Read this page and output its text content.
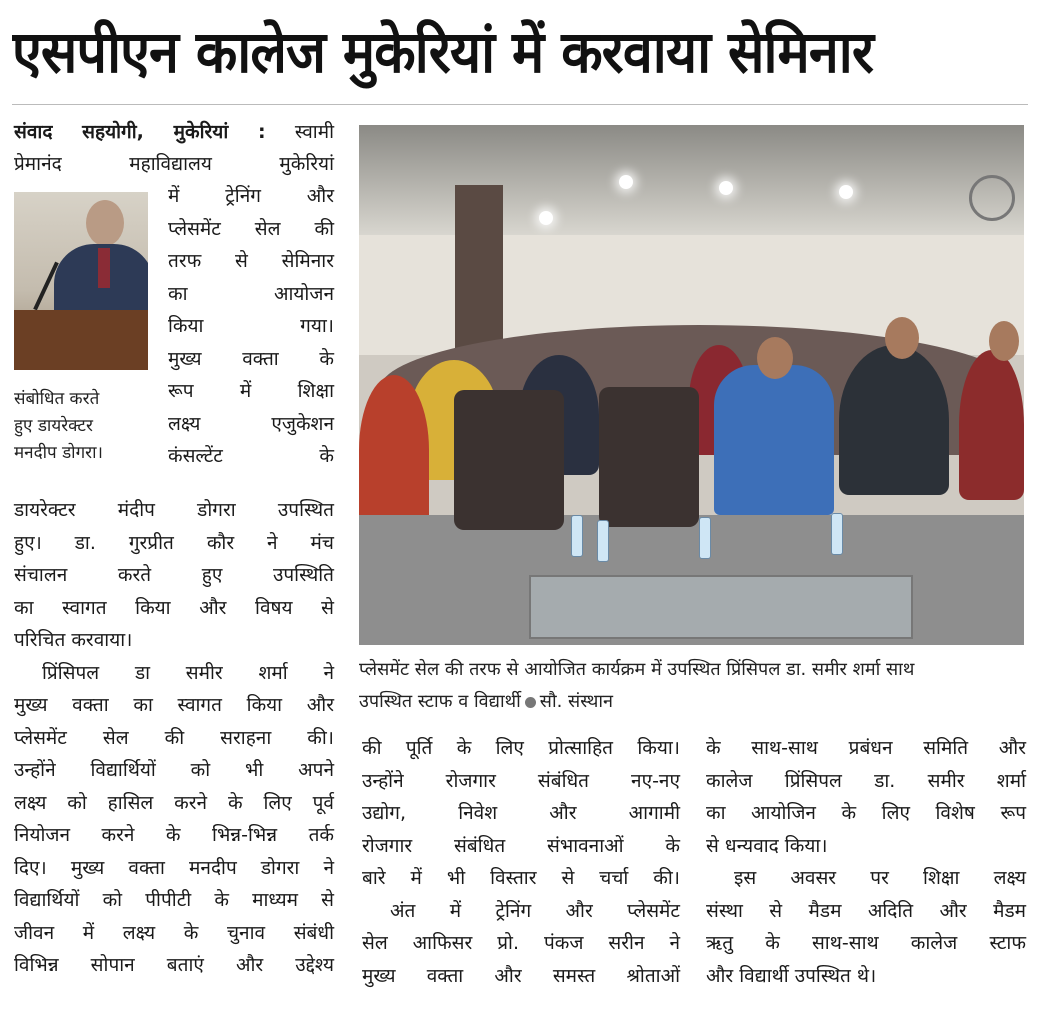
एसपीएन कालेज मुकेरियां में करवाया सेमिनार

संवाद सहयोगी, मुकेरियां : स्वामी

प्रेमानंद महाविद्यालय मुकेरियां

में ट्रेनिंग और

प्लेसमेंट सेल की

तरफ से सेमिनार

का आयोजन

किया गया।

मुख्य वक्ता के

रूप में शिक्षा

लक्ष्य एजुकेशन

कंसल्टेंट के

संबोधित करते
हुए डायरेक्टर
मनदीप डोगरा।

डायरेक्टर मंदीप डोगरा उपस्थित

हुए। डा. गुरप्रीत कौर ने मंच

संचालन करते हुए उपस्थिति

का स्वागत किया और विषय से

परिचित करवाया।

प्रिंसिपल डा समीर शर्मा ने

मुख्य वक्ता का स्वागत किया और

प्लेसमेंट सेल की सराहना की।

उन्होंने विद्यार्थियों को भी अपने

लक्ष्य को हासिल करने के लिए पूर्व

नियोजन करने के भिन्न-भिन्न तर्क

दिए। मुख्य वक्ता मनदीप डोगरा ने

विद्यार्थियों को पीपीटी के माध्यम से

जीवन में लक्ष्य के चुनाव संबंधी

विभिन्न सोपान बताएं और उद्देश्य

प्लेसमेंट सेल की तरफ से आयोजित कार्यक्रम में उपस्थित प्रिंसिपल डा. समीर शर्मा साथ
उपस्थित स्टाफ व विद्यार्थी सौ. संस्थान

की पूर्ति के लिए प्रोत्साहित किया।

उन्होंने रोजगार संबंधित नए-नए

उद्योग, निवेश और आगामी

रोजगार संबंधित संभावनाओं के

बारे में भी विस्तार से चर्चा की।

अंत में ट्रेनिंग और प्लेसमेंट

सेल आफिसर प्रो. पंकज सरीन ने

मुख्य वक्ता और समस्त श्रोताओं

के साथ-साथ प्रबंधन समिति और

कालेज प्रिंसिपल डा. समीर शर्मा

का आयोजिन के लिए विशेष रूप

से धन्यवाद किया।

इस अवसर पर शिक्षा लक्ष्य

संस्था से मैडम अदिति और मैडम

ऋतु के साथ-साथ कालेज स्टाफ

और विद्यार्थी उपस्थित थे।
